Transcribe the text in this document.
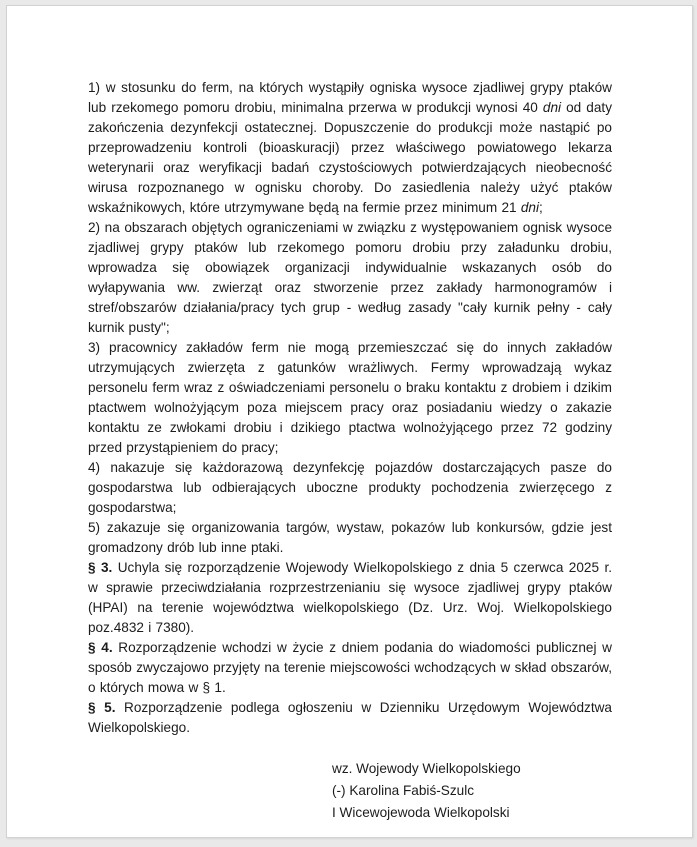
1) w stosunku do ferm, na których wystąpiły ogniska wysoce zjadliwej grypy ptaków lub rzekomego pomoru drobiu, minimalna przerwa w produkcji wynosi 40 dni od daty zakończenia dezynfekcji ostatecznej. Dopuszczenie do produkcji może nastąpić po przeprowadzeniu kontroli (bioaskuracji) przez właściwego powiatowego lekarza weterynarii oraz weryfikacji badań czystościowych potwierdzających nieobecność wirusa rozpoznanego w ognisku choroby. Do zasiedlenia należy użyć ptaków wskaźnikowych, które utrzymywane będą na fermie przez minimum 21 dni;

2) na obszarach objętych ograniczeniami w związku z występowaniem ognisk wysoce zjadliwej grypy ptaków lub rzekomego pomoru drobiu przy załadunku drobiu, wprowadza się obowiązek organizacji indywidualnie wskazanych osób do wyłapywania ww. zwierząt oraz stworzenie przez zakłady harmonogramów i stref/obszarów działania/pracy tych grup - według zasady "cały kurnik pełny - cały kurnik pusty";

3) pracownicy zakładów ferm nie mogą przemieszczać się do innych zakładów utrzymujących zwierzęta z gatunków wrażliwych. Fermy wprowadzają wykaz personelu ferm wraz z oświadczeniami personelu o braku kontaktu z drobiem i dzikim ptactwem wolnożyjącym poza miejscem pracy oraz posiadaniu wiedzy o zakazie kontaktu ze zwłokami drobiu i dzikiego ptactwa wolnożyjącego przez 72 godziny przed przystąpieniem do pracy;

4) nakazuje się każdorazową dezynfekcję pojazdów dostarczających pasze do gospodarstwa lub odbierających uboczne produkty pochodzenia zwierzęcego z gospodarstwa;

5) zakazuje się organizowania targów, wystaw, pokazów lub konkursów, gdzie jest gromadzony drób lub inne ptaki.

§ 3. Uchyla się rozporządzenie Wojewody Wielkopolskiego z dnia 5 czerwca 2025 r. w sprawie przeciwdziałania rozprzestrzenianiu się wysoce zjadliwej grypy ptaków (HPAI) na terenie województwa wielkopolskiego (Dz. Urz. Woj. Wielkopolskiego poz.4832 i 7380).

§ 4. Rozporządzenie wchodzi w życie z dniem podania do wiadomości publicznej w sposób zwyczajowo przyjęty na terenie miejscowości wchodzących w skład obszarów, o których mowa w § 1.

§ 5. Rozporządzenie podlega ogłoszeniu w Dzienniku Urzędowym Województwa Wielkopolskiego.

wz. Wojewody Wielkopolskiego
(-) Karolina Fabiś-Szulc
I Wicewojewoda Wielkopolski
